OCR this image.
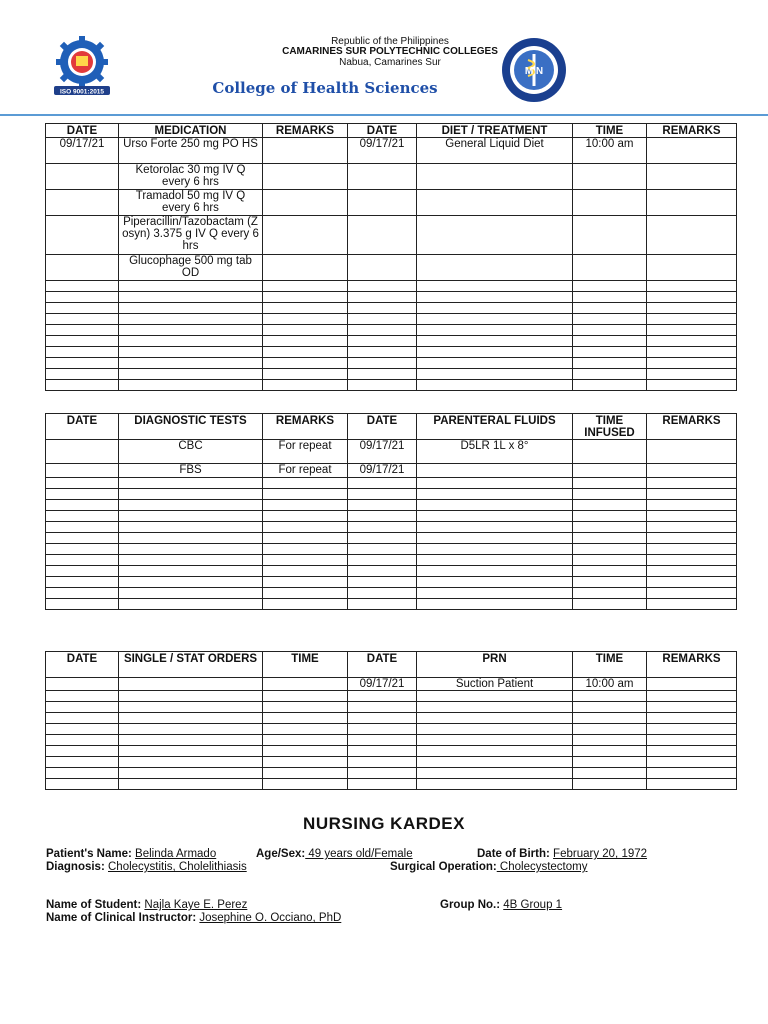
ISO 9001:2015
Republic of the Philippines
CAMARINES SUR POLYTECHNIC COLLEGES
Nabua, Camarines Sur
College of Health Sciences
M N
DATE	MEDICATION	REMARKS	DATE	DIET / TREATMENT	TIME	REMARKS
09/17/21	Urso Forte 250 mg PO HS		09/17/21	General Liquid Diet	10:00 am	
	Ketorolac 30 mg IV Q every 6 hrs					
	Tramadol 50 mg IV Q every 6 hrs					
	Piperacillin/Tazobactam (Zosyn) 3.375 g IV Q every 6 hrs					
	Glucophage 500 mg tab OD					

DATE	DIAGNOSTIC TESTS	REMARKS	DATE	PARENTERAL FLUIDS	TIME INFUSED	REMARKS
	CBC	For repeat	09/17/21	D5LR 1L x 8°		
	FBS	For repeat	09/17/21			

DATE	SINGLE / STAT ORDERS	TIME	DATE	PRN	TIME	REMARKS
			09/17/21	Suction Patient	10:00 am	

NURSING KARDEX
Patient's Name: Belinda Armado	Age/Sex: 49 years old/Female	Date of Birth: February 20, 1972
Diagnosis: Cholecystitis, Cholelithiasis	Surgical Operation: Cholecystectomy
Name of Student: Najla Kaye E. Perez	Group No.: 4B Group 1
Name of Clinical Instructor: Josephine O. Occiano, PhD
